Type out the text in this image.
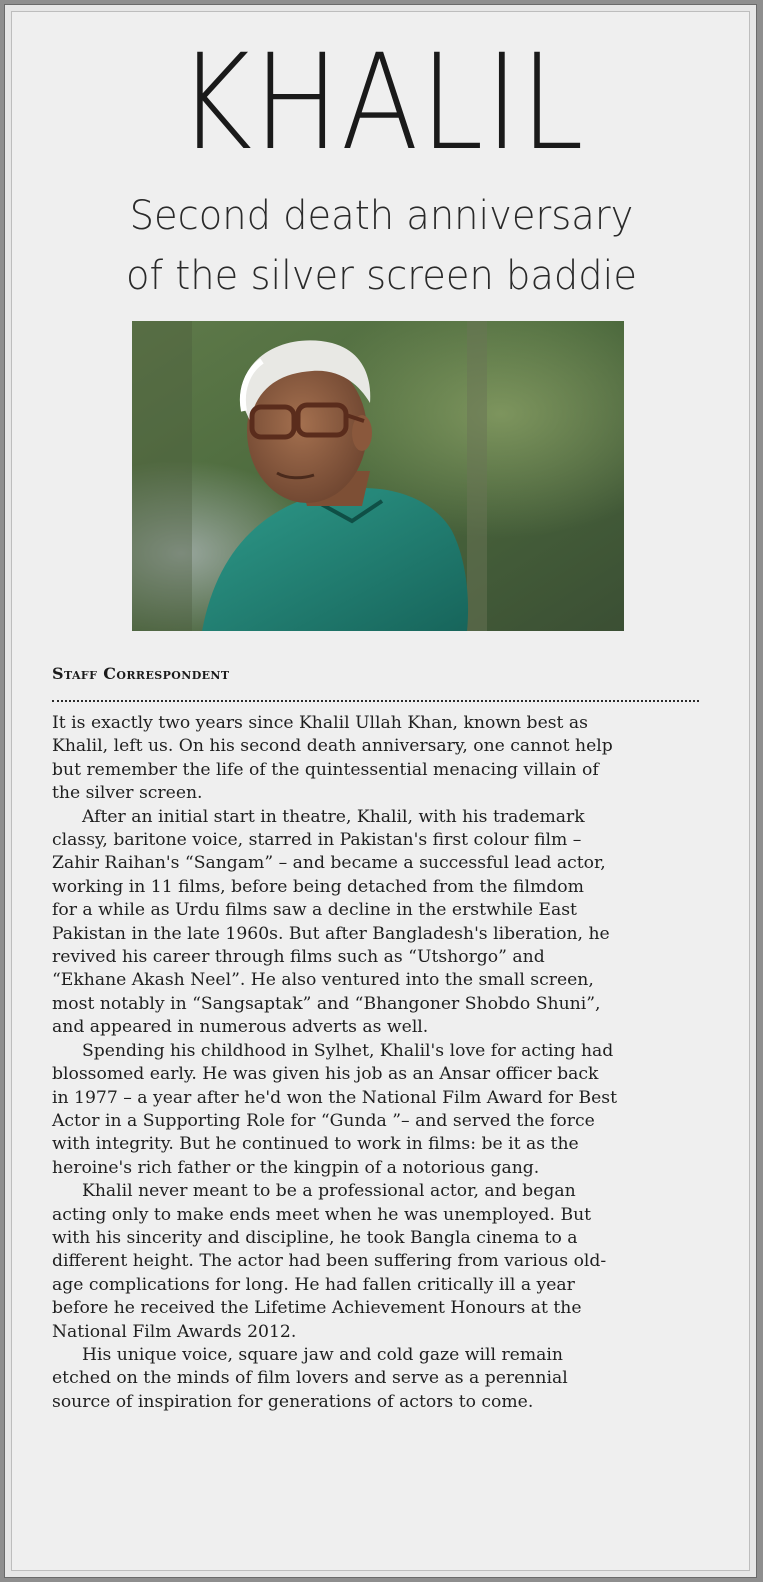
KHALIL
Second death anniversary
of the silver screen baddie
Staff Correspondent
It is exactly two years since Khalil Ullah Khan, known best as
Khalil, left us. On his second death anniversary, one cannot help
but remember the life of the quintessential menacing villain of
the silver screen.
After an initial start in theatre, Khalil, with his trademark
classy, baritone voice, starred in Pakistan's first colour film –
Zahir Raihan's “Sangam” – and became a successful lead actor,
working in 11 films, before being detached from the filmdom
for a while as Urdu films saw a decline in the erstwhile East
Pakistan in the late 1960s. But after Bangladesh's liberation, he
revived his career through films such as “Utshorgo” and
“Ekhane Akash Neel”. He also ventured into the small screen,
most notably in “Sangsaptak” and “Bhangoner Shobdo Shuni”,
and appeared in numerous adverts as well.
Spending his childhood in Sylhet, Khalil's love for acting had
blossomed early. He was given his job as an Ansar officer back
in 1977 – a year after he'd won the National Film Award for Best
Actor in a Supporting Role for “Gunda ”– and served the force
with integrity. But he continued to work in films: be it as the
heroine's rich father or the kingpin of a notorious gang.
Khalil never meant to be a professional actor, and began
acting only to make ends meet when he was unemployed. But
with his sincerity and discipline, he took Bangla cinema to a
different height. The actor had been suffering from various old-
age complications for long. He had fallen critically ill a year
before he received the Lifetime Achievement Honours at the
National Film Awards 2012.
His unique voice, square jaw and cold gaze will remain
etched on the minds of film lovers and serve as a perennial
source of inspiration for generations of actors to come.
